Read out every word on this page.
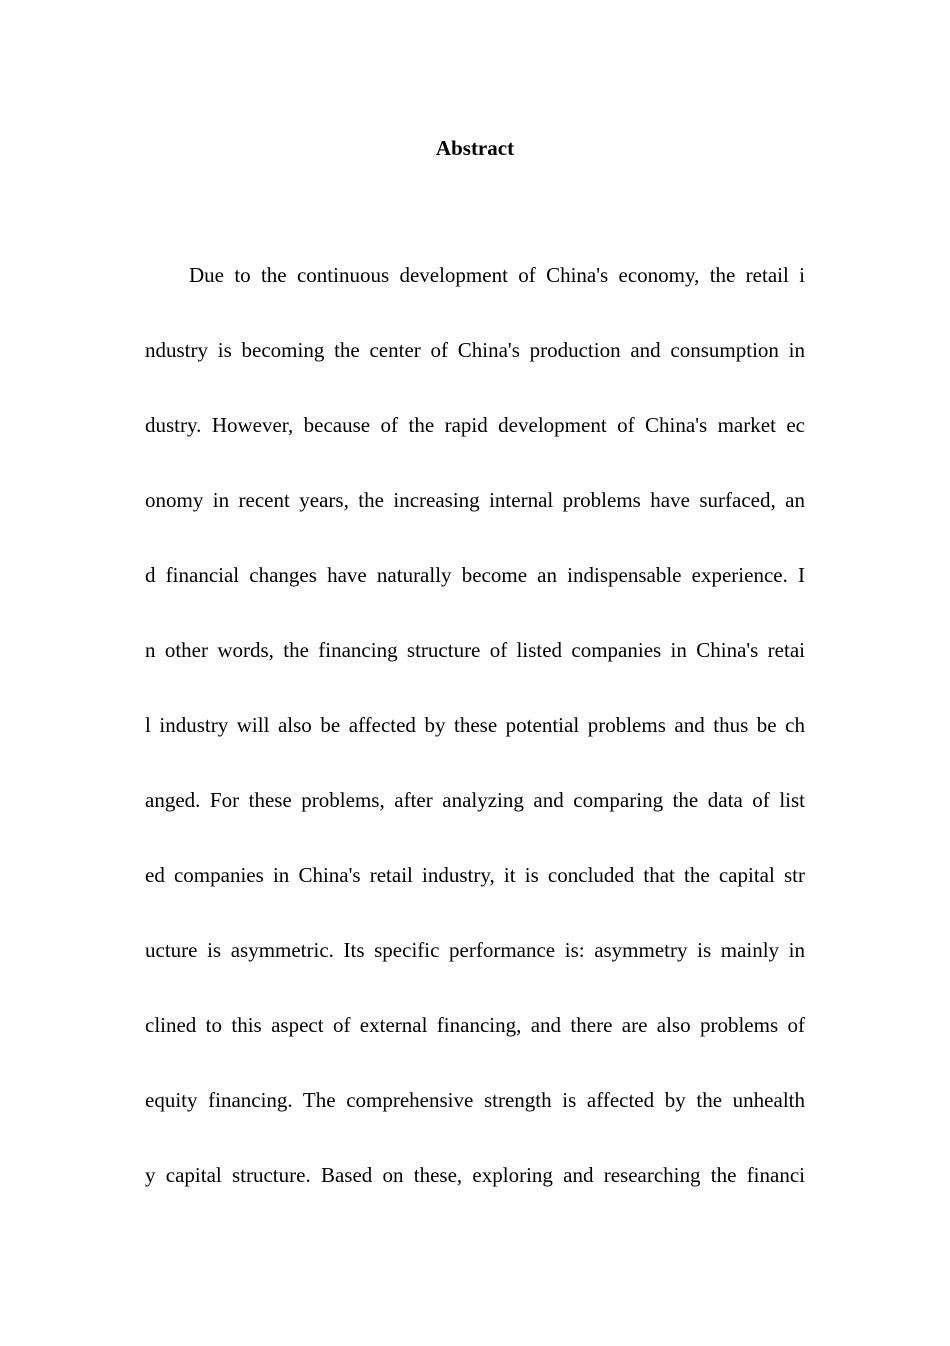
Abstract
Due to the continuous development of China's economy, the retail i
ndustry is becoming the center of China's production and consumption in
dustry. However, because of the rapid development of China's market ec
onomy in recent years, the increasing internal problems have surfaced, an
d financial changes have naturally become an indispensable experience. I
n other words, the financing structure of listed companies in China's retai
l industry will also be affected by these potential problems and thus be ch
anged. For these problems, after analyzing and comparing the data of list
ed companies in China's retail industry, it is concluded that the capital str
ucture is asymmetric. Its specific performance is: asymmetry is mainly in
clined to this aspect of external financing, and there are also problems of
equity financing. The comprehensive strength is affected by the unhealth
y capital structure. Based on these, exploring and researching the financi
